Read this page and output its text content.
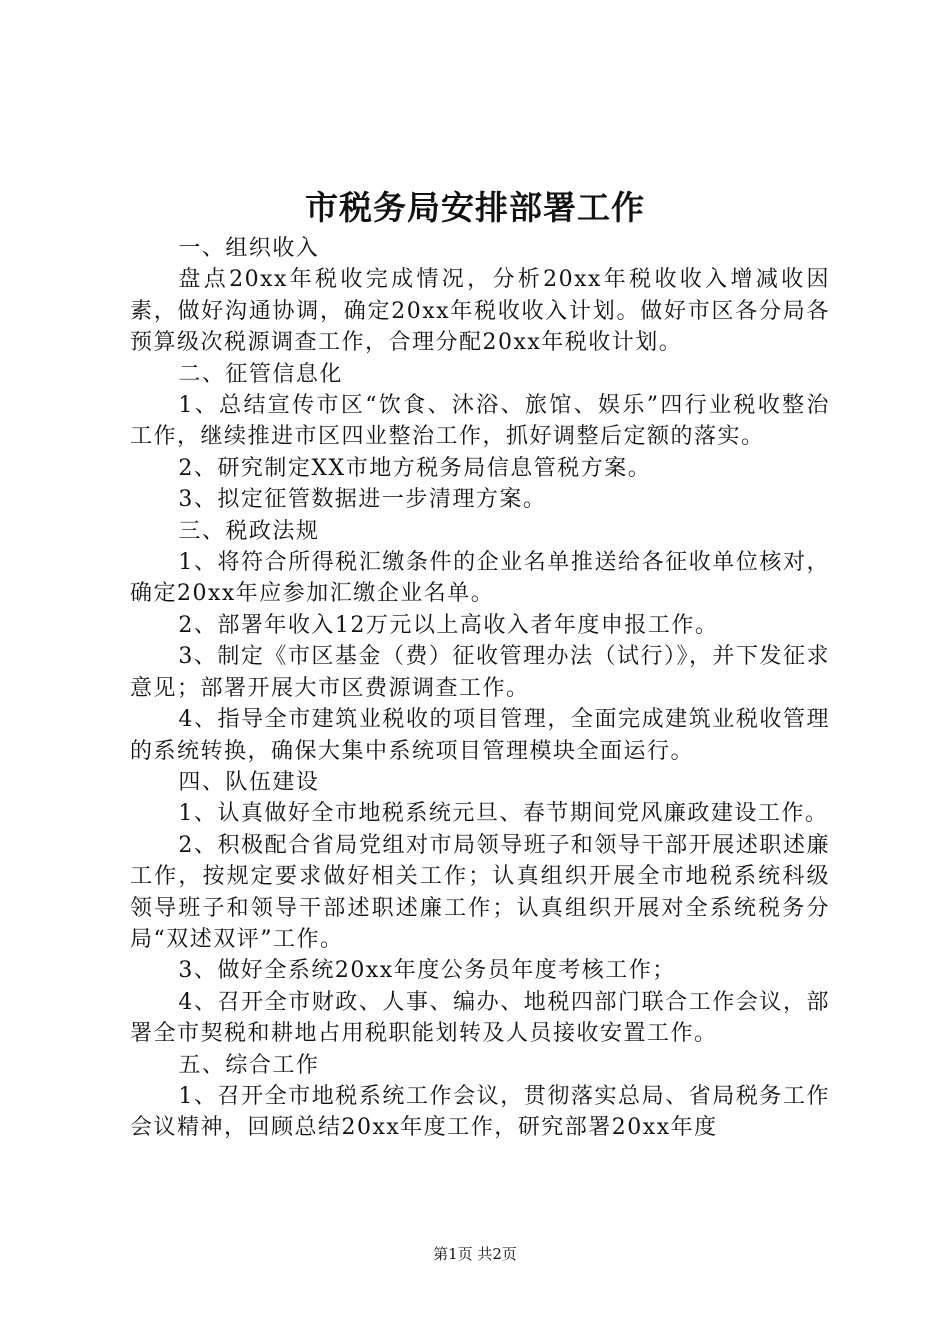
市税务局安排部署工作

一、组织收入

盘点20xx年税收完成情况，分析20xx年税收收入增减收因素，做好沟通协调，确定20xx年税收收入计划。做好市区各分局各预算级次税源调查工作，合理分配20xx年税收计划。

二、征管信息化

1、总结宣传市区“饮食、沐浴、旅馆、娱乐”四行业税收整治工作，继续推进市区四业整治工作，抓好调整后定额的落实。

2、研究制定XX市地方税务局信息管税方案。

3、拟定征管数据进一步清理方案。

三、税政法规

1、将符合所得税汇缴条件的企业名单推送给各征收单位核对，确定20xx年应参加汇缴企业名单。

2、部署年收入12万元以上高收入者年度申报工作。

3、制定《市区基金（费）征收管理办法（试行）》，并下发征求意见；部署开展大市区费源调查工作。

4、指导全市建筑业税收的项目管理，全面完成建筑业税收管理的系统转换，确保大集中系统项目管理模块全面运行。

四、队伍建设

1、认真做好全市地税系统元旦、春节期间党风廉政建设工作。

2、积极配合省局党组对市局领导班子和领导干部开展述职述廉工作，按规定要求做好相关工作；认真组织开展全市地税系统科级领导班子和领导干部述职述廉工作；认真组织开展对全系统税务分局“双述双评”工作。

3、做好全系统20xx年度公务员年度考核工作；

4、召开全市财政、人事、编办、地税四部门联合工作会议，部署全市契税和耕地占用税职能划转及人员接收安置工作。

五、综合工作

1、召开全市地税系统工作会议，贯彻落实总局、省局税务工作会议精神，回顾总结20xx年度工作，研究部署20xx年度

第1页 共2页
